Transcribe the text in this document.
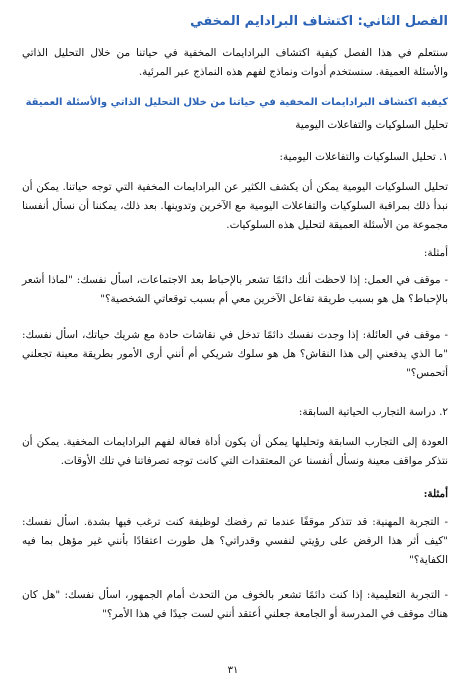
الفصل الثاني: اكتشاف البرادايم المخفي

سنتعلم في هذا الفصل كيفية اكتشاف البرادايمات المخفية في حياتنا من خلال التحليل الذاتي والأسئلة العميقة. سنستخدم أدوات ونماذج لفهم هذه النماذج عبر المرئية.

كيفية اكتشاف البرادايمات المخفية في حياتنا من خلال التحليل الذاتي والأسئلة العميقة

تحليل السلوكيات والتفاعلات اليومية

١. تحليل السلوكيات والتفاعلات اليومية:

تحليل السلوكيات اليومية يمكن أن يكشف الكثير عن البرادايمات المخفية التي توجه حياتنا. يمكن أن نبدأ ذلك بمراقبة السلوكيات والتفاعلات اليومية مع الآخرين وتدوينها. بعد ذلك، يمكننا أن نسأل أنفسنا مجموعة من الأسئلة العميقة لتحليل هذه السلوكيات.

أمثلة:

- موقف في العمل: إذا لاحظت أنك دائمًا تشعر بالإحباط بعد الاجتماعات، اسأل نفسك: "لماذا أشعر بالإحباط؟ هل هو بسبب طريقة تفاعل الآخرين معي أم بسبب توقعاتي الشخصية؟"

- موقف في العائلة: إذا وجدت نفسك دائمًا تدخل في نقاشات حادة مع شريك حياتك، اسأل نفسك: "ما الذي يدفعني إلى هذا النقاش؟ هل هو سلوك شريكي أم أنني أرى الأمور بطريقة معينة تجعلني أتحمس؟"

٢. دراسة التجارب الحياتية السابقة:

العودة إلى التجارب السابقة وتحليلها يمكن أن يكون أداة فعالة لفهم البرادايمات المخفية. يمكن أن نتذكر مواقف معينة ونسأل أنفسنا عن المعتقدات التي كانت توجه تصرفاتنا في تلك الأوقات.

أمثلة:

- التجربة المهنية: قد تتذكر موقفًا عندما تم رفضك لوظيفة كنت ترغب فيها بشدة. اسأل نفسك: "كيف أثر هذا الرفض على رؤيتي لنفسي وقدراتي؟ هل طورت اعتقادًا بأنني غير مؤهل بما فيه الكفاية؟"

- التجربة التعليمية: إذا كنت دائمًا تشعر بالخوف من التحدث أمام الجمهور، اسأل نفسك: "هل كان هناك موقف في المدرسة أو الجامعة جعلني أعتقد أنني لست جيدًا في هذا الأمر؟"

٣١
